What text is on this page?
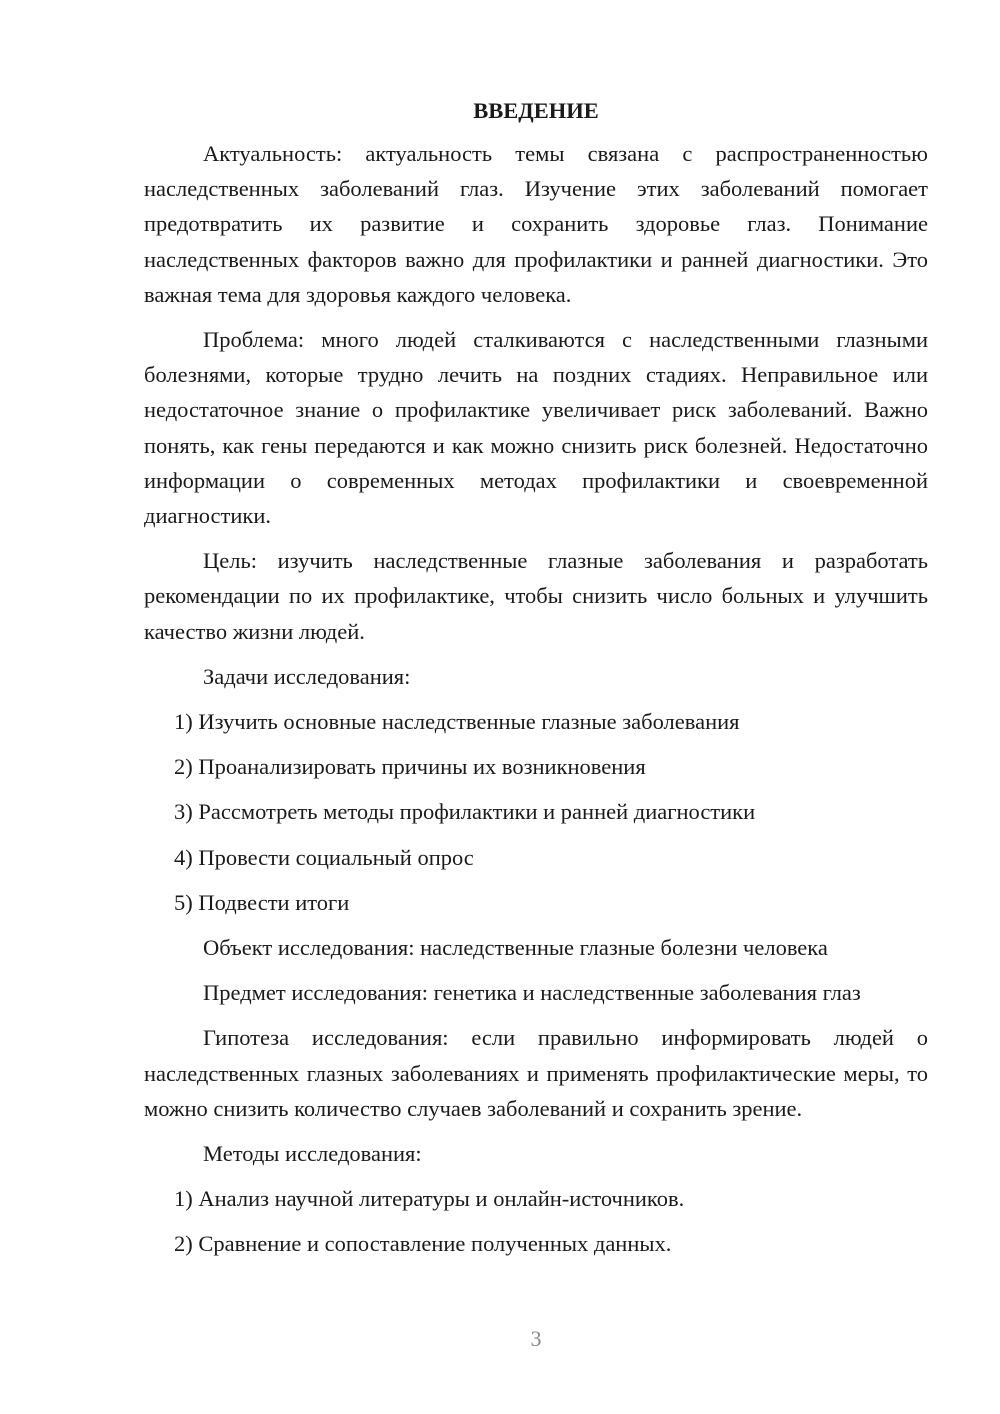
ВВЕДЕНИЕ

Актуальность: актуальность темы связана с распространенностью наследственных заболеваний глаз. Изучение этих заболеваний помогает предотвратить их развитие и сохранить здоровье глаз. Понимание наследственных факторов важно для профилактики и ранней диагностики. Это важная тема для здоровья каждого человека.

Проблема: много людей сталкиваются с наследственными глазными болезнями, которые трудно лечить на поздних стадиях. Неправильное или недостаточное знание о профилактике увеличивает риск заболеваний. Важно понять, как гены передаются и как можно снизить риск болезней. Недостаточно информации о современных методах профилактики и своевременной диагностики.

Цель: изучить наследственные глазные заболевания и разработать рекомендации по их профилактике, чтобы снизить число больных и улучшить качество жизни людей.

Задачи исследования:
1) Изучить основные наследственные глазные заболевания
2) Проанализировать причины их возникновения
3) Рассмотреть методы профилактики и ранней диагностики
4) Провести социальный опрос
5) Подвести итоги
Объект исследования: наследственные глазные болезни человека
Предмет исследования: генетика и наследственные заболевания глаз

Гипотеза исследования: если правильно информировать людей о наследственных глазных заболеваниях и применять профилактические меры, то можно снизить количество случаев заболеваний и сохранить зрение.

Методы исследования:
1) Анализ научной литературы и онлайн-источников.
2) Сравнение и сопоставление полученных данных.
3
